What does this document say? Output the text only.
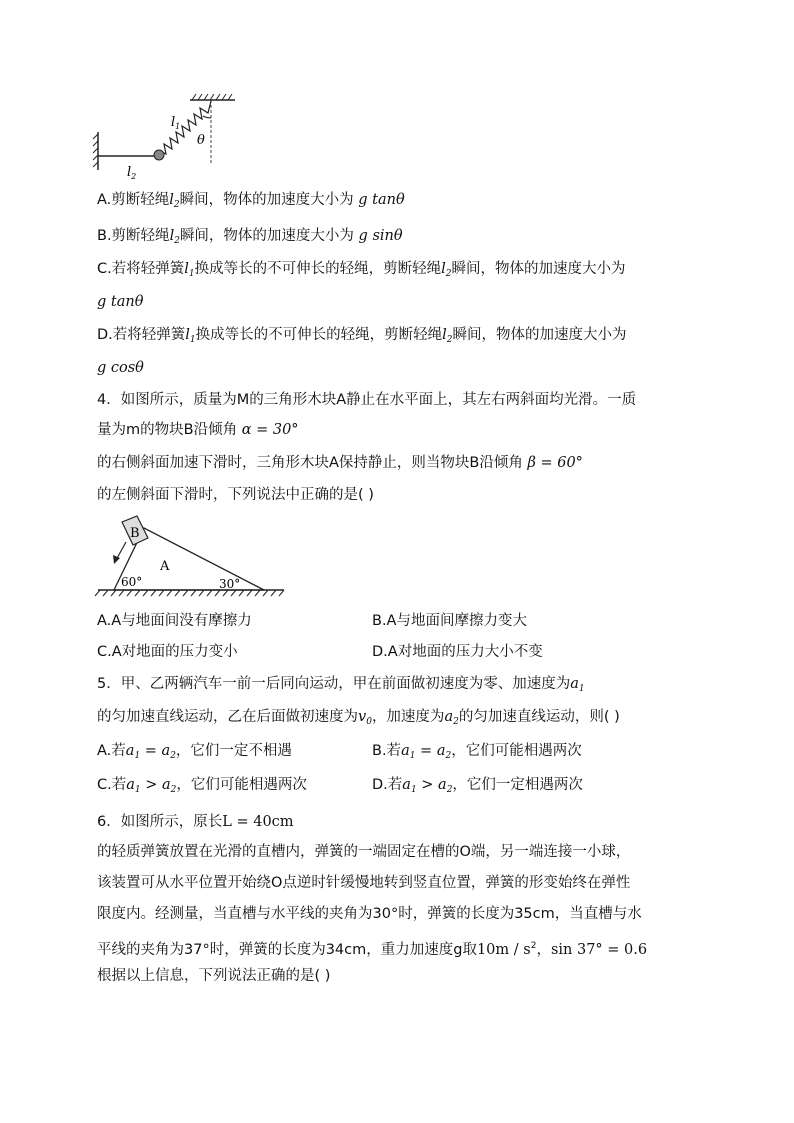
$l_1$
θ
$l_2$
A.剪断轻绳$l_2$瞬间，物体的加速度大小为 g tanθ
B.剪断轻绳$l_2$瞬间，物体的加速度大小为 g sinθ
C.若将轻弹簧$l_1$换成等长的不可伸长的轻绳，剪断轻绳$l_2$瞬间，物体的加速度大小为
g tanθ
D.若将轻弹簧$l_1$换成等长的不可伸长的轻绳，剪断轻绳$l_2$瞬间，物体的加速度大小为
g cosθ
4．如图所示，质量为M的三角形木块A静止在水平面上，其左右两斜面均光滑。一质
量为m的物块B沿倾角 α = 30°
的右侧斜面加速下滑时，三角形木块A保持静止，则当物块B沿倾角 β = 60°
的左侧斜面下滑时，下列说法中正确的是( )
B
A
60°	30°
A.A与地面间没有摩擦力	B.A与地面间摩擦力变大
C.A对地面的压力变小	D.A对地面的压力大小不变
5．甲、乙两辆汽车一前一后同向运动，甲在前面做初速度为零、加速度为$a_1$
的匀加速直线运动，乙在后面做初速度为$v_0$，加速度为$a_2$的匀加速直线运动，则( )
A.若$a_1 = a_2$，它们一定不相遇	B.若$a_1 = a_2$，它们可能相遇两次
C.若$a_1 > a_2$，它们可能相遇两次	D.若$a_1 > a_2$，它们一定相遇两次
6．如图所示，原长L = 40cm
的轻质弹簧放置在光滑的直槽内，弹簧的一端固定在槽的O端，另一端连接一小球，
该装置可从水平位置开始绕O点逆时针缓慢地转到竖直位置，弹簧的形变始终在弹性
限度内。经测量，当直槽与水平线的夹角为30°时，弹簧的长度为35cm，当直槽与水
平线的夹角为37°时，弹簧的长度为34cm，重力加速度g取$10m / s^2$，sin 37° = 0.6
根据以上信息，下列说法正确的是( )
